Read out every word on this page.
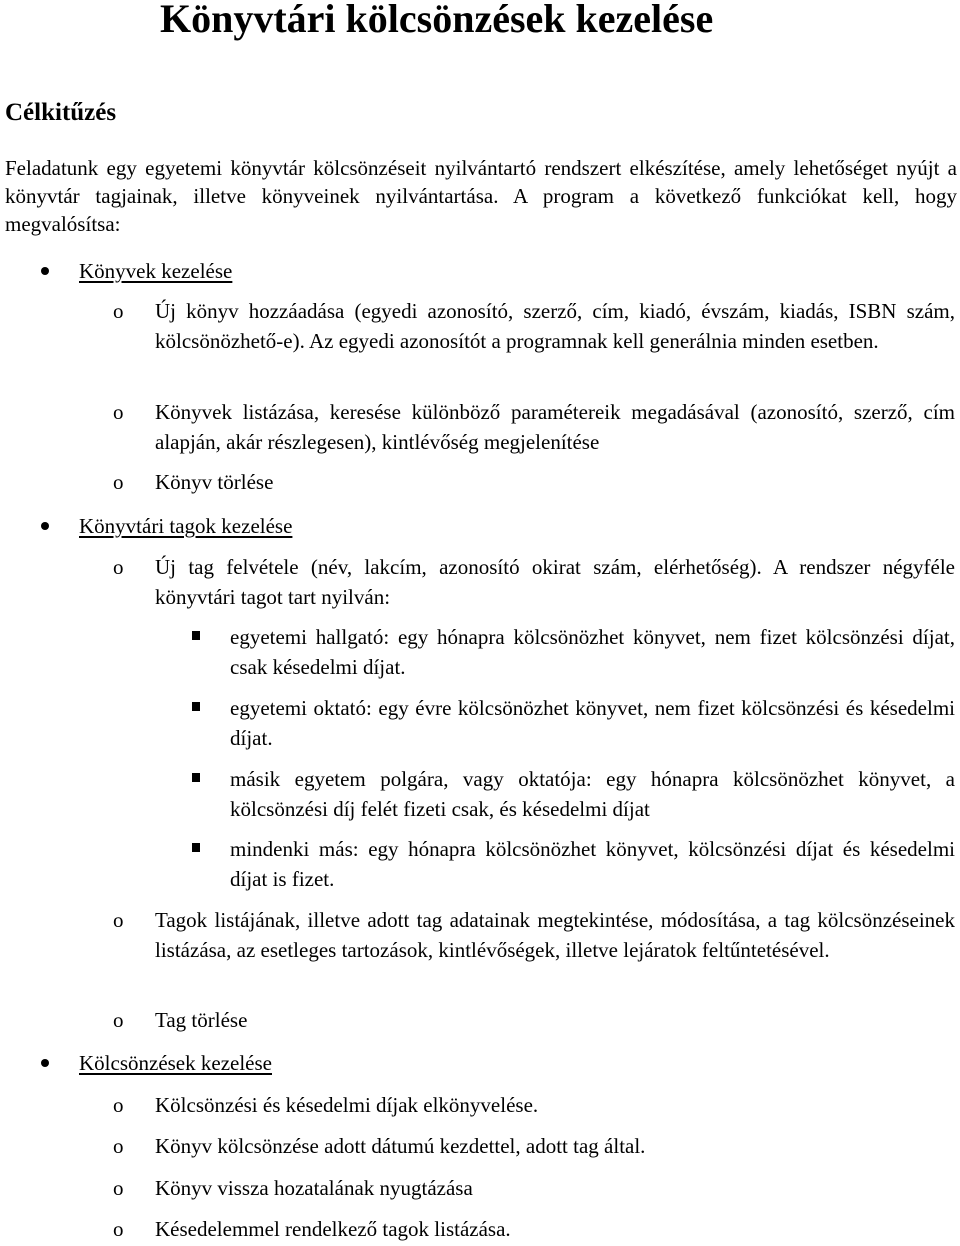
Könyvtári kölcsönzések kezelése
Célkitűzés

Feladatunk egy egyetemi könyvtár kölcsönzéseit nyilvántartó rendszert elkészítése, amely lehetőséget nyújt a könyvtár tagjainak, illetve könyveinek nyilvántartása. A program a következő funkciókat kell, hogy megvalósítsa:

Könyvek kezelése
o Új könyv hozzáadása (egyedi azonosító, szerző, cím, kiadó, évszám, kiadás, ISBN szám, kölcsönözhető-e). Az egyedi azonosítót a programnak kell generálnia minden esetben.

o Könyvek listázása, keresése különböző paramétereik megadásával (azonosító, szerző, cím alapján, akár részlegesen), kintlévőség megjelenítése

o Könyv törlése

Könyvtári tagok kezelése
o Új tag felvétele (név, lakcím, azonosító okirat szám, elérhetőség). A rendszer négyféle könyvtári tagot tart nyilván:

egyetemi hallgató: egy hónapra kölcsönözhet könyvet, nem fizet kölcsönzési díjat, csak késedelmi díjat.

egyetemi oktató: egy évre kölcsönözhet könyvet, nem fizet kölcsönzési és késedelmi díjat.

másik egyetem polgára, vagy oktatója: egy hónapra kölcsönözhet könyvet, a kölcsönzési díj felét fizeti csak, és késedelmi díjat

mindenki más: egy hónapra kölcsönözhet könyvet, kölcsönzési díjat és késedelmi díjat is fizet.

o Tagok listájának, illetve adott tag adatainak megtekintése, módosítása, a tag kölcsönzéseinek listázása, az esetleges tartozások, kintlévőségek, illetve lejáratok feltűntetésével.

o Tag törlése

Kölcsönzések kezelése
o Kölcsönzési és késedelmi díjak elkönyvelése.

o Könyv kölcsönzése adott dátumú kezdettel, adott tag által.

o Könyv vissza hozatalának nyugtázása

o Késedelemmel rendelkező tagok listázása.
